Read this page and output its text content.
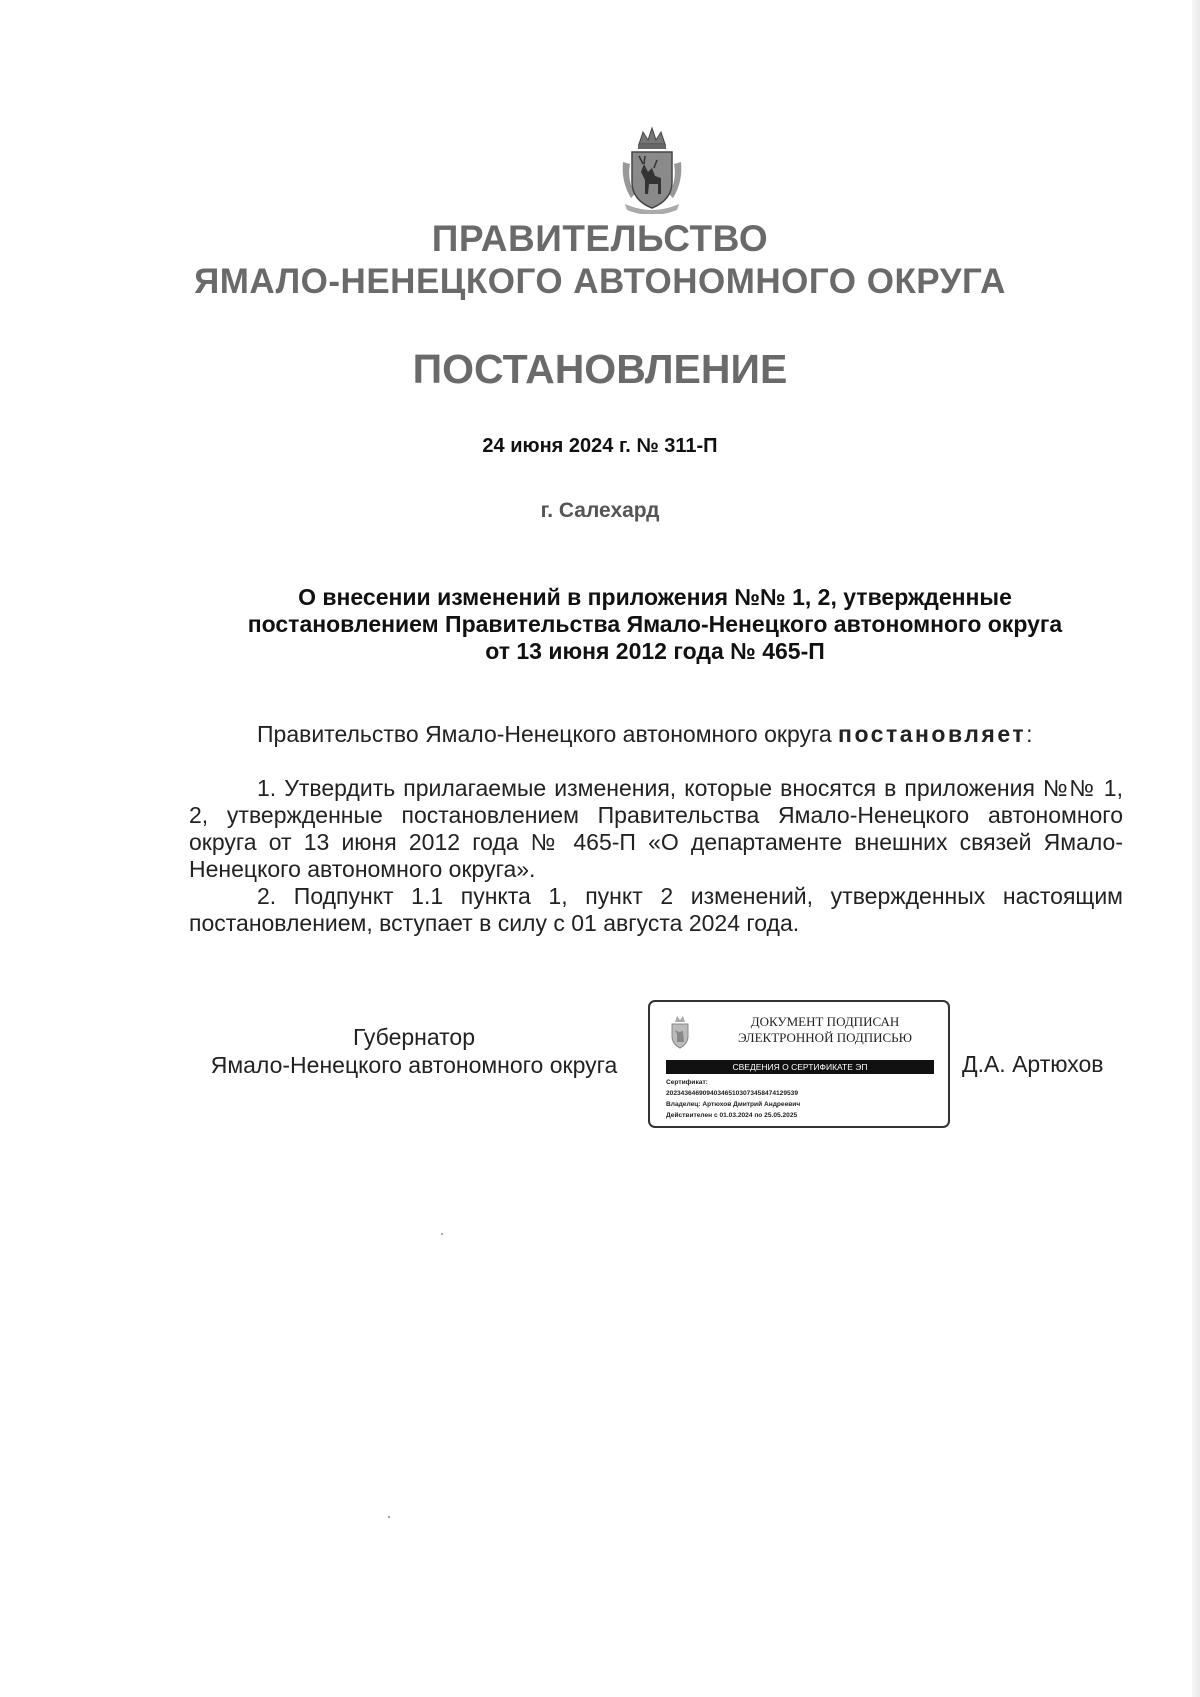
ПРАВИТЕЛЬСТВО
ЯМАЛО-НЕНЕЦКОГО АВТОНОМНОГО ОКРУГА
ПОСТАНОВЛЕНИЕ
24 июня 2024 г. № 311-П
г. Салехард
О внесении изменений в приложения №№ 1, 2, утвержденные
постановлением Правительства Ямало-Ненецкого автономного округа
от 13 июня 2012 года № 465-П
Правительство Ямало-Ненецкого автономного округа постановляет:

1. Утвердить прилагаемые изменения, которые вносятся в приложения №№ 1, 2, утвержденные постановлением Правительства Ямало-Ненецкого автономного округа от 13 июня 2012 года № 465-П «О департаменте внешних связей Ямало-Ненецкого автономного округа».

2. Подпункт 1.1 пункта 1, пункт 2 изменений, утвержденных настоящим постановлением, вступает в силу с 01 августа 2024 года.

Губернатор
Ямало-Ненецкого автономного округа
ДОКУМЕНТ ПОДПИСАН
ЭЛЕКТРОННОЙ ПОДПИСЬЮ
СВЕДЕНИЯ О СЕРТИФИКАТЕ ЭП
Сертификат:
202343646909403465103073458474129539
Владелец: Артюхов Дмитрий Андреевич
Действителен с 01.03.2024 по 25.05.2025
Д.А. Артюхов
